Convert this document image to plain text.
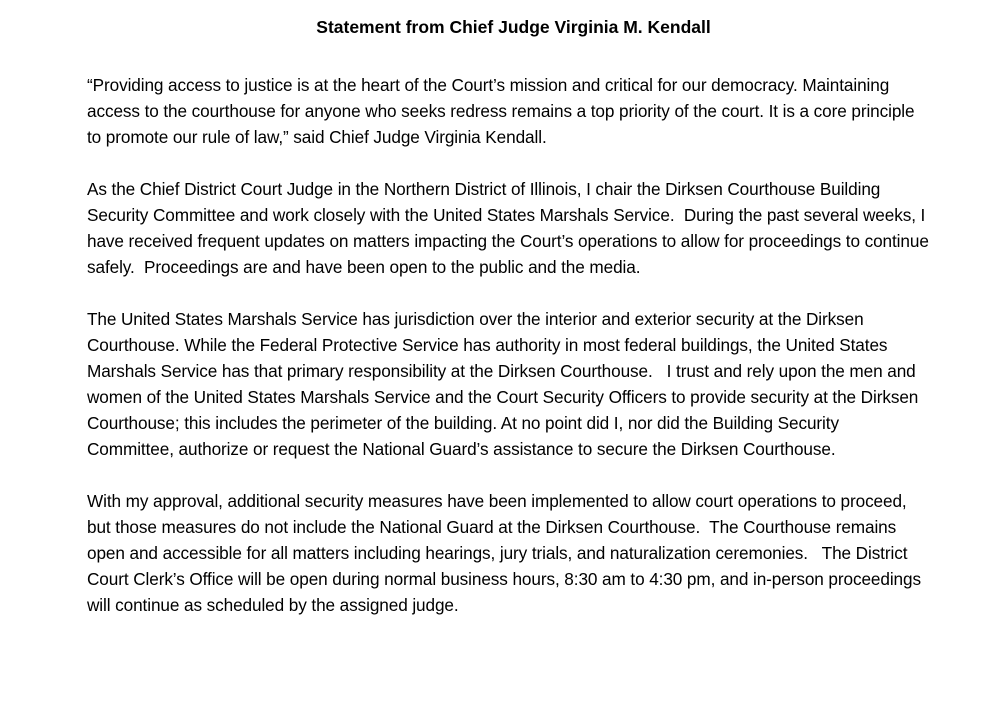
Statement from Chief Judge Virginia M. Kendall

“Providing access to justice is at the heart of the Court’s mission and critical for our democracy. Maintaining access to the courthouse for anyone who seeks redress remains a top priority of the court. It is a core principle to promote our rule of law,” said Chief Judge Virginia Kendall.

As the Chief District Court Judge in the Northern District of Illinois, I chair the Dirksen Courthouse Building Security Committee and work closely with the United States Marshals Service.  During the past several weeks, I have received frequent updates on matters impacting the Court’s operations to allow for proceedings to continue safely.  Proceedings are and have been open to the public and the media.

The United States Marshals Service has jurisdiction over the interior and exterior security at the Dirksen Courthouse. While the Federal Protective Service has authority in most federal buildings, the United States Marshals Service has that primary responsibility at the Dirksen Courthouse.   I trust and rely upon the men and women of the United States Marshals Service and the Court Security Officers to provide security at the Dirksen Courthouse; this includes the perimeter of the building. At no point did I, nor did the Building Security Committee, authorize or request the National Guard’s assistance to secure the Dirksen Courthouse.

With my approval, additional security measures have been implemented to allow court operations to proceed, but those measures do not include the National Guard at the Dirksen Courthouse.  The Courthouse remains open and accessible for all matters including hearings, jury trials, and naturalization ceremonies.   The District Court Clerk’s Office will be open during normal business hours, 8:30 am to 4:30 pm, and in-person proceedings will continue as scheduled by the assigned judge.
